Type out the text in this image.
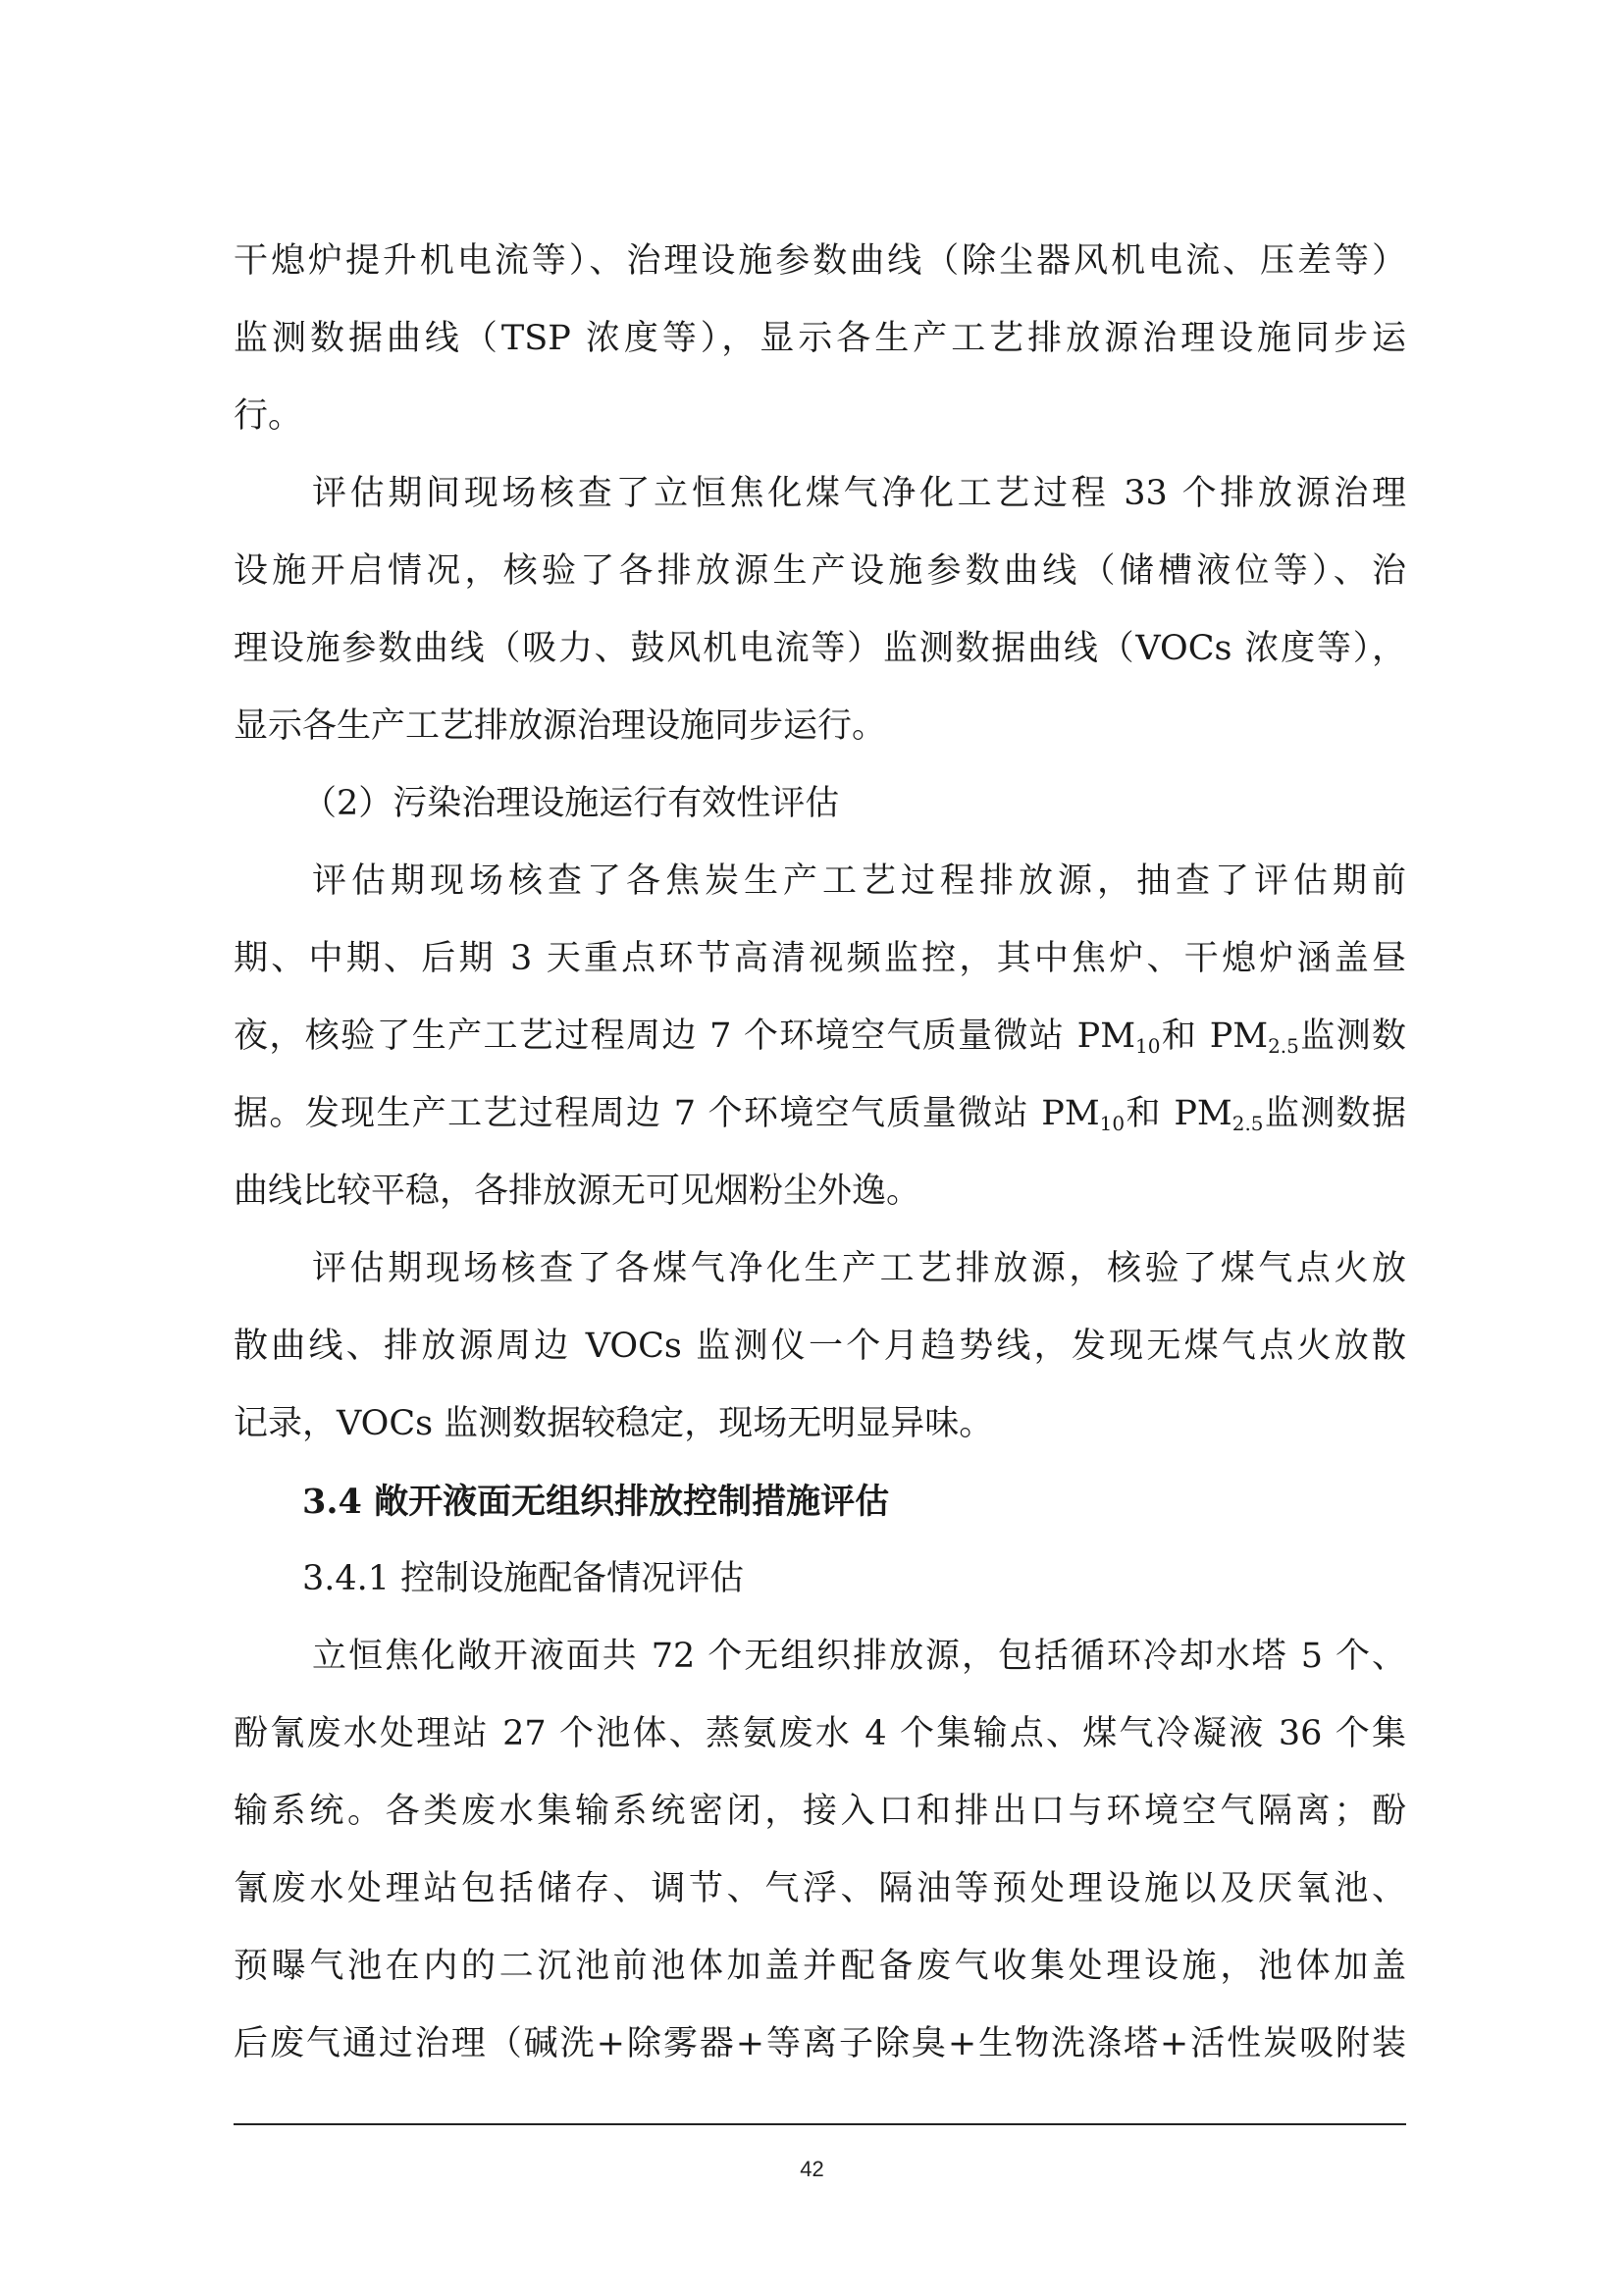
干熄炉提升机电流等）、治理设施参数曲线（除尘器风机电流、压差等）
监测数据曲线（TSP 浓度等），显示各生产工艺排放源治理设施同步运
行。
评估期间现场核查了立恒焦化煤气净化工艺过程 33 个排放源治理
设施开启情况，核验了各排放源生产设施参数曲线（储槽液位等）、治
理设施参数曲线（吸力、鼓风机电流等）监测数据曲线（VOCs 浓度等），
显示各生产工艺排放源治理设施同步运行。
（2）污染治理设施运行有效性评估
评估期现场核查了各焦炭生产工艺过程排放源，抽查了评估期前
期、中期、后期 3 天重点环节高清视频监控，其中焦炉、干熄炉涵盖昼
夜，核验了生产工艺过程周边 7 个环境空气质量微站 $PM_{10}$和 $PM_{2.5}$监测数
据。发现生产工艺过程周边 7 个环境空气质量微站 $PM_{10}$和 $PM_{2.5}$监测数据
曲线比较平稳，各排放源无可见烟粉尘外逸。
评估期现场核查了各煤气净化生产工艺排放源，核验了煤气点火放
散曲线、排放源周边 VOCs 监测仪一个月趋势线，发现无煤气点火放散
记录，VOCs 监测数据较稳定，现场无明显异味。
3.4 敞开液面无组织排放控制措施评估
3.4.1 控制设施配备情况评估
立恒焦化敞开液面共 72 个无组织排放源，包括循环冷却水塔 5 个、
酚氰废水处理站 27 个池体、蒸氨废水 4 个集输点、煤气冷凝液 36 个集
输系统。各类废水集输系统密闭，接入口和排出口与环境空气隔离；酚
氰废水处理站包括储存、调节、气浮、隔油等预处理设施以及厌氧池、
预曝气池在内的二沉池前池体加盖并配备废气收集处理设施，池体加盖
后废气通过治理（碱洗+除雾器+等离子除臭+生物洗涤塔+活性炭吸附装
42
